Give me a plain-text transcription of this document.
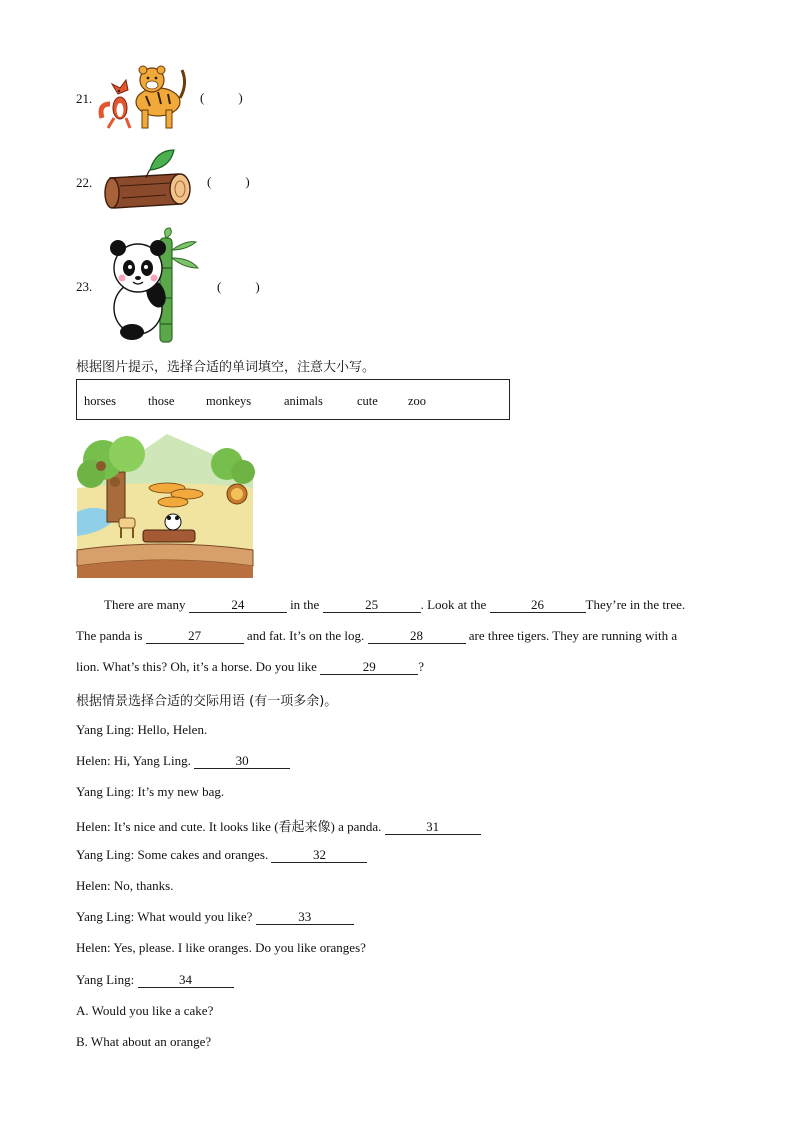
21.	(	)
22.	(	)
23.	(	)
根据图片提示，选择合适的单词填空，注意大小写。
horses	those	monkeys	animals	cute zoo
There are many	24	in the	25	. Look at the	26	They’re in the tree.
The panda is	27	and fat. It’s on the log.	28	are three tigers. They are running with a
lion. What’s this? Oh, it’s a horse. Do you like	29	?
根据情景选择合适的交际用语 (有一项多余)。
Yang Ling: Hello, Helen.
Helen: Hi, Yang Ling.	30
Yang Ling: It’s my new bag.
Helen: It’s nice and cute. It looks like (看起来像) a panda.	31
Yang Ling: Some cakes and oranges.	32
Helen: No, thanks.
Yang Ling: What would you like?	33
Helen: Yes, please. I like oranges. Do you like oranges?
Yang Ling:	34
A. Would you like a cake?
B. What about an orange?
